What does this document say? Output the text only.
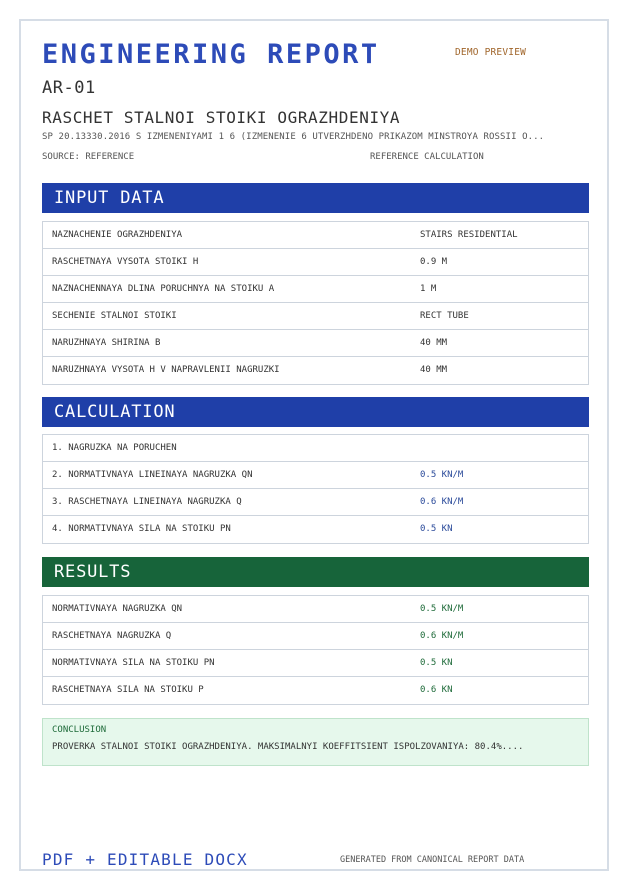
ENGINEERING REPORT	DEMO PREVIEW
AR-01
RASCHET STALNOI STOIKI OGRAZHDENIYA
SP 20.13330.2016 S IZMENENIYAMI 1 6 (IZMENENIE 6 UTVERZHDENO PRIKAZOM MINSTROYA ROSSII O...
SOURCE: REFERENCE	REFERENCE CALCULATION
INPUT DATA
NAZNACHENIE OGRAZHDENIYA	STAIRS RESIDENTIAL
RASCHETNAYA VYSOTA STOIKI H	0.9 M
NAZNACHENNAYA DLINA PORUCHNYA NA STOIKU A	1 M
SECHENIE STALNOI STOIKI	RECT TUBE
NARUZHNAYA SHIRINA B	40 MM
NARUZHNAYA VYSOTA H V NAPRAVLENII NAGRUZKI	40 MM
CALCULATION
1. NAGRUZKA NA PORUCHEN
2. NORMATIVNAYA LINEINAYA NAGRUZKA QN	0.5 KN/M
3. RASCHETNAYA LINEINAYA NAGRUZKA Q	0.6 KN/M
4. NORMATIVNAYA SILA NA STOIKU PN	0.5 KN
RESULTS
NORMATIVNAYA NAGRUZKA QN	0.5 KN/M
RASCHETNAYA NAGRUZKA Q	0.6 KN/M
NORMATIVNAYA SILA NA STOIKU PN	0.5 KN
RASCHETNAYA SILA NA STOIKU P	0.6 KN
CONCLUSION
PROVERKA STALNOI STOIKI OGRAZHDENIYA. MAKSIMALNYI KOEFFITSIENT ISPOLZOVANIYA: 80.4%....
PDF + EDITABLE DOCX	GENERATED FROM CANONICAL REPORT DATA
